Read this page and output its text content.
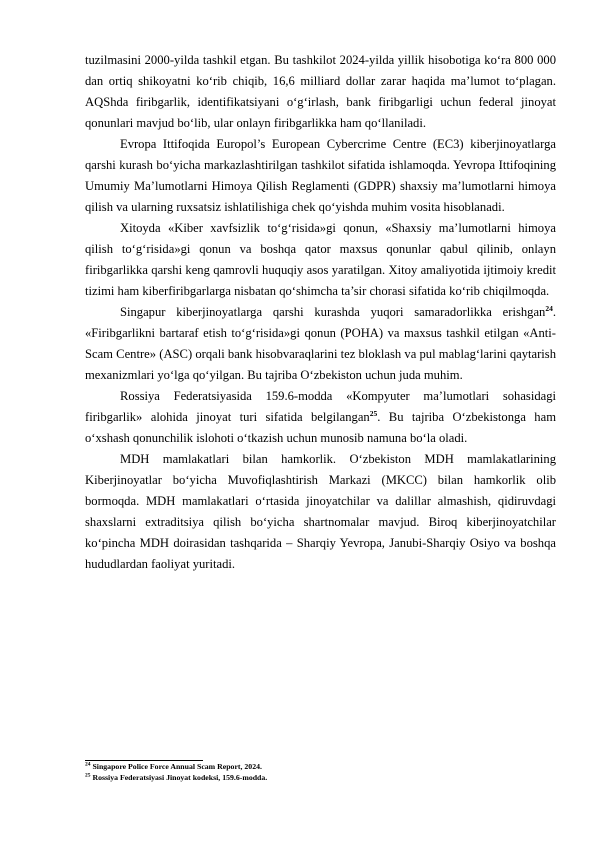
tuzilmasini 2000-yilda tashkil etgan. Bu tashkilot 2024-yilda yillik hisobotiga ko‘ra 800 000 dan ortiq shikoyatni ko‘rib chiqib, 16,6 milliard dollar zarar haqida ma’lumot to‘plagan. AQShda firibgarlik, identifikatsiyani o‘g‘irlash, bank firibgarligi uchun federal jinoyat qonunlari mavjud bo‘lib, ular onlayn firibgarlikka ham qo‘llaniladi.

Evropa Ittifoqida Europol’s European Cybercrime Centre (EC3) kiberjinoyatlarga qarshi kurash bo‘yicha markazlashtirilgan tashkilot sifatida ishlamoqda. Yevropa Ittifoqining Umumiy Ma’lumotlarni Himoya Qilish Reglamenti (GDPR) shaxsiy ma’lumotlarni himoya qilish va ularning ruxsatsiz ishlatilishiga chek qo‘yishda muhim vosita hisoblanadi.

Xitoyda «Kiber xavfsizlik to‘g‘risida»gi qonun, «Shaxsiy ma’lumotlarni himoya qilish to‘g‘risida»gi qonun va boshqa qator maxsus qonunlar qabul qilinib, onlayn firibgarlikka qarshi keng qamrovli huquqiy asos yaratilgan. Xitoy amaliyotida ijtimoiy kredit tizimi ham kiberfiribgarlarga nisbatan qo‘shimcha ta’sir chorasi sifatida ko‘rib chiqilmoqda.

Singapur kiberjinoyatlarga qarshi kurashda yuqori samaradorlikka erishgan$^{24}$. «Firibgarlikni bartaraf etish to‘g‘risida»gi qonun (POHA) va maxsus tashkil etilgan «Anti-Scam Centre» (ASC) orqali bank hisobvaraqlarini tez bloklash va pul mablag‘larini qaytarish mexanizmlari yo‘lga qo‘yilgan. Bu tajriba O‘zbekiston uchun juda muhim.

Rossiya Federatsiyasida 159.6-modda «Kompyuter ma’lumotlari sohasidagi firibgarlik» alohida jinoyat turi sifatida belgilangan$^{25}$. Bu tajriba O‘zbekistonga ham o‘xshash qonunchilik islohoti o‘tkazish uchun munosib namuna bo‘la oladi.

MDH mamlakatlari bilan hamkorlik. O‘zbekiston MDH mamlakatlarining Kiberjinoyatlar bo‘yicha Muvofiqlashtirish Markazi (MKCC) bilan hamkorlik olib bormoqda. MDH mamlakatlari o‘rtasida jinoyatchilar va dalillar almashish, qidiruvdagi shaxslarni extraditsiya qilish bo‘yicha shartnomalar mavjud. Biroq kiberjinoyatchilar ko‘pincha MDH doirasidan tashqarida – Sharqiy Yevropa, Janubi-Sharqiy Osiyo va boshqa hududlardan faoliyat yuritadi.

$^{24}$ Singapore Police Force Annual Scam Report, 2024.

$^{25}$ Rossiya Federatsiyasi Jinoyat kodeksi, 159.6-modda.
